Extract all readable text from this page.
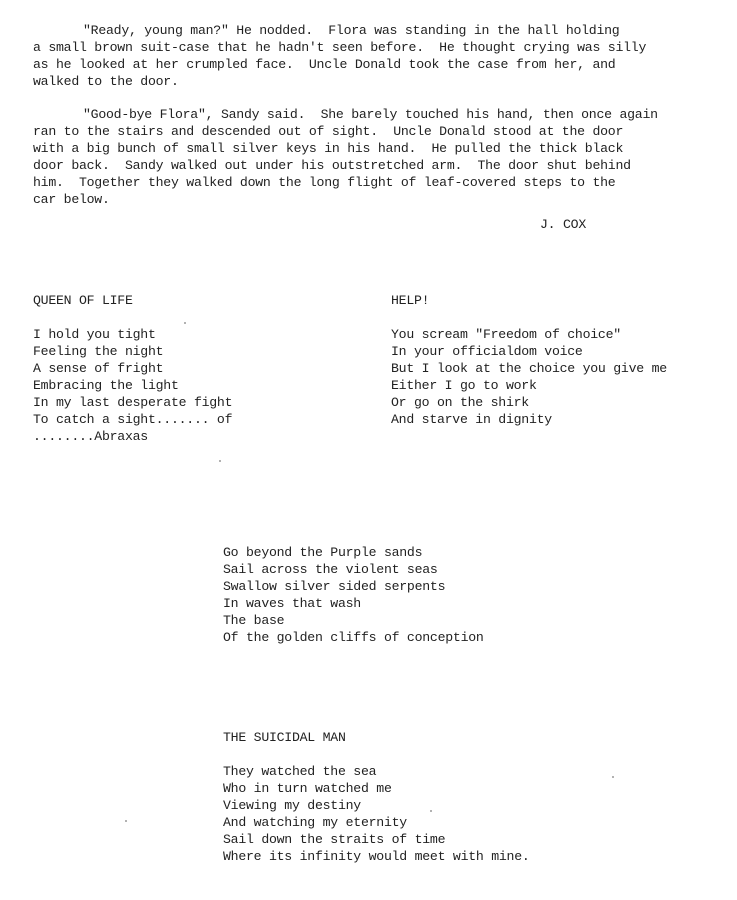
"Ready, young man?" He nodded.  Flora was standing in the hall holding
a small brown suit-case that he hadn't seen before.  He thought crying was silly
as he looked at her crumpled face.  Uncle Donald took the case from her, and
walked to the door.
"Good-bye Flora", Sandy said.  She barely touched his hand, then once again
ran to the stairs and descended out of sight.  Uncle Donald stood at the door
with a big bunch of small silver keys in his hand.  He pulled the thick black
door back.  Sandy walked out under his outstretched arm.  The door shut behind
him.  Together they walked down the long flight of leaf-covered steps to the
car below.
J. COX
QUEEN OF LIFE
I hold you tight
Feeling the night
A sense of fright
Embracing the light
In my last desperate fight
To catch a sight....... of
........Abraxas
HELP!
You scream "Freedom of choice"
In your officialdom voice
But I look at the choice you give me
Either I go to work
Or go on the shirk
And starve in dignity
Go beyond the Purple sands
Sail across the violent seas
Swallow silver sided serpents
In waves that wash
The base
Of the golden cliffs of conception
THE SUICIDAL MAN
They watched the sea
Who in turn watched me
Viewing my destiny
And watching my eternity
Sail down the straits of time
Where its infinity would meet with mine.
